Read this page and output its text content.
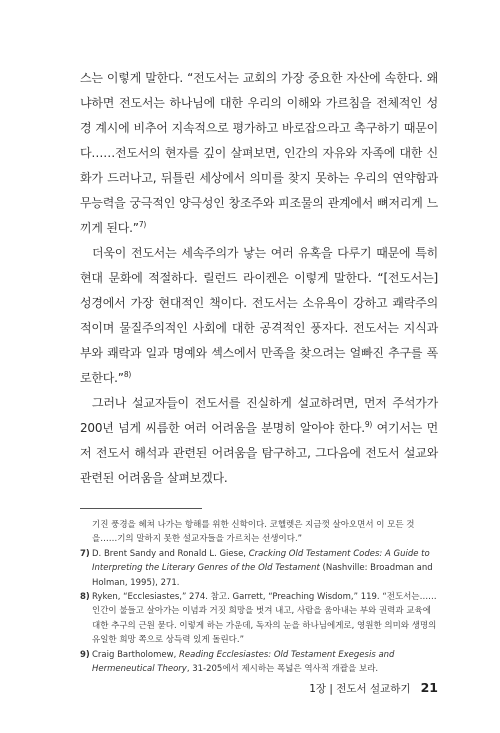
스는 이렇게 말한다. “전도서는 교회의 가장 중요한 자산에 속한다. 왜냐하면 전도서는 하나님에 대한 우리의 이해와 가르침을 전체적인 성경 계시에 비추어 지속적으로 평가하고 바로잡으라고 촉구하기 때문이다……전도서의 현자를 깊이 살펴보면, 인간의 자유와 자족에 대한 신화가 드러나고, 뒤틀린 세상에서 의미를 찾지 못하는 우리의 연약함과 무능력을 궁극적인 양극성인 창조주와 피조물의 관계에서 뼈저리게 느끼게 된다.”$^{7)}$

더욱이 전도서는 세속주의가 낳는 여러 유혹을 다루기 때문에 특히 현대 문화에 적절하다. 릴런드 라이켄은 이렇게 말한다. “[전도서는] 성경에서 가장 현대적인 책이다. 전도서는 소유욕이 강하고 쾌락주의적이며 물질주의적인 사회에 대한 공격적인 풍자다. 전도서는 지식과 부와 쾌락과 일과 명예와 섹스에서 만족을 찾으려는 얼빠진 추구를 폭로한다.”$^{8)}$

그러나 설교자들이 전도서를 진실하게 설교하려면, 먼저 주석가가 200년 넘게 씨름한 여러 어려움을 분명히 알아야 한다.$^{9)}$ 여기서는 먼저 전도서 해석과 관련된 어려움을 탐구하고, 그다음에 전도서 설교와 관련된 어려움을 살펴보겠다.

기진 풍경을 헤쳐 나가는 항해를 위한 신학이다. 코헬렛은 지금껏 살아오면서 이 모든 것을……기의 말하지 못한 설교자들을 가르치는 선생이다.”

7) D. Brent Sandy and Ronald L. Giese, Cracking Old Testament Codes: A Guide to Interpreting the Literary Genres of the Old Testament (Nashville: Broadman and Holman, 1995), 271.

8) Ryken, “Ecclesiastes,” 274. 참고. Garrett, “Preaching Wisdom,” 119. “전도서는……인간이 불들고 살아가는 이념과 거짓 희망을 벗겨 내고, 사람을 움아내는 부와 권력과 교육에 대한 추구의 근원 묻다. 이렇게 하는 가운데, 독자의 눈을 하나님에게로, 영원한 의미와 생명의 유일한 희망 쪽으로 상득력 있게 돌린다.”

9) Craig Bartholomew, Reading Ecclesiastes: Old Testament Exegesis and Hermeneutical Theory, 31-205에서 제시하는 폭넓은 역사적 개괄을 보라.

1장 | 전도서 설교하기 21
